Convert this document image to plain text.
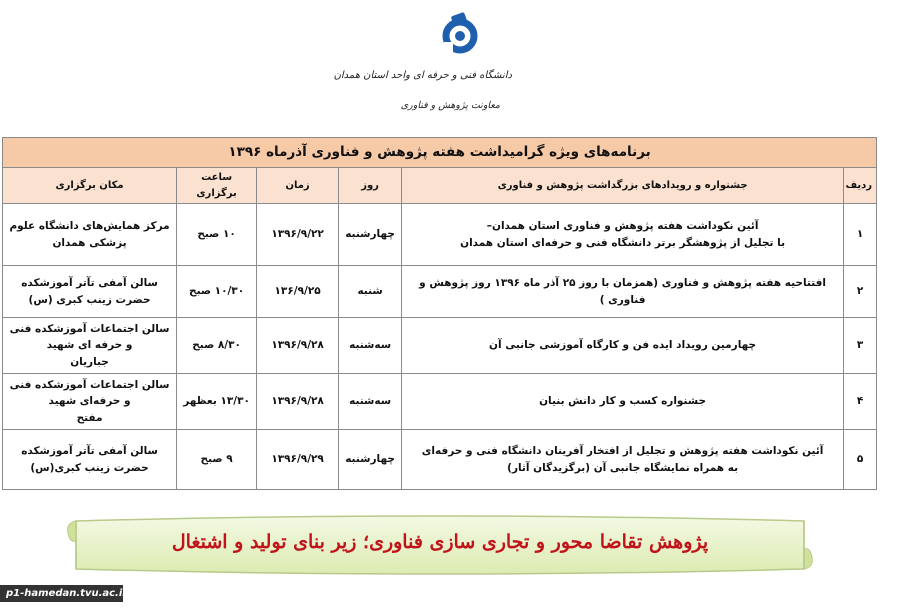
دانشگاه فنی و حرفه ای واحد استان همدان
معاونت پژوهش و فناوری
برنامه‌های ویژه گرامیداشت هفته پژوهش و فناوری آذرماه ۱۳۹۶					
ردیف	جشنواره و رویدادهای بزرگداشت پژوهش و فناوری	روز	زمان	ساعت برگزاری	مکان برگزاری
۱	آئین نکوداشت هفته پژوهش و فناوری استان همدان–
با تجلیل از پژوهشگر برتر دانشگاه فنی و حرفه‌ای استان همدان	چهارشنبه	۱۳۹۶/۹/۲۲	۱۰ صبح	مرکز همایش‌های دانشگاه علوم پزشکی همدان

۲	افتتاحیه هفته پژوهش و فناوری (همزمان با روز ۲۵ آذر ماه ۱۳۹۶ روز پژوهش و فناوری )	شنبه	۱۳۶/۹/۲۵	۱۰/۳۰ صبح	سالن آمفی تآتر آموزشکده حضرت زینب کبری (س)

۳	چهارمین رویداد ایده فن و کارگاه آموزشی جانبی آن	سه‌شنبه	۱۳۹۶/۹/۲۸	۸/۳۰ صبح	سالن اجتماعات آموزشکده فنی و حرفه ای شهید
جباریان

۴	جشنواره کسب و کار دانش بنیان	سه‌شنبه	۱۳۹۶/۹/۲۸	۱۳/۳۰ بعظهر	سالن اجتماعات آموزشکده فنی و حرفه‌ای شهید
مفتح

۵	آئین نکوداشت هفته پژوهش و تجلیل از افتخار آفرینان دانشگاه فنی و حرفه‌ای
به همراه نمایشگاه جانبی آن (برگزیدگان آثار)	چهارشنبه	۱۳۹۶/۹/۲۹	۹ صبح	سالن آمفی تآتر آموزشکده حضرت زینب کبری(س)
پژوهش تقاضا محور و تجاری سازی فناوری؛ زیر بنای تولید و اشتغال
p1-hamedan.tvu.ac.ir
